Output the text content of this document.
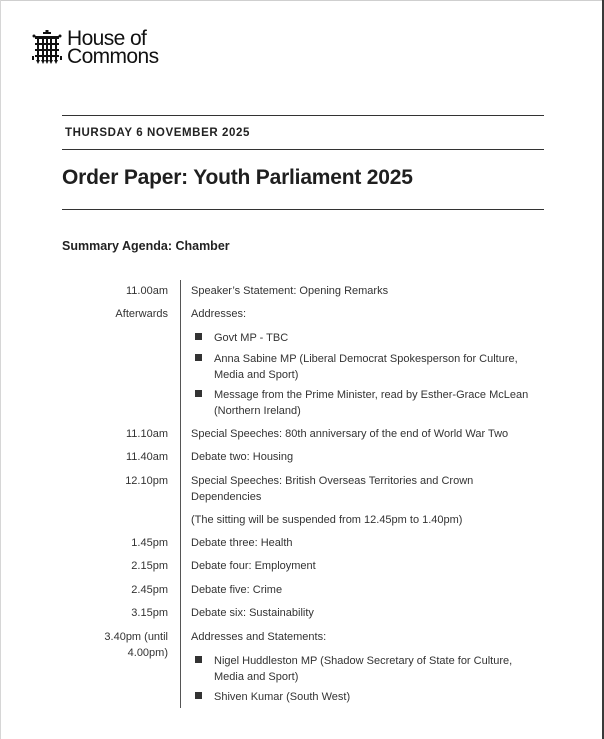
House of
Commons
THURSDAY 6 NOVEMBER 2025
Order Paper: Youth Parliament 2025
Summary Agenda: Chamber
11.00am Speaker’s Statement: Opening Remarks
Afterwards Addresses:
Govt MP - TBC
Anna Sabine MP (Liberal Democrat Spokesperson for Culture, Media and Sport)
Message from the Prime Minister, read by Esther-Grace McLean (Northern Ireland)
11.10am Special Speeches: 80th anniversary of the end of World War Two
11.40am Debate two: Housing
12.10pm Special Speeches: British Overseas Territories and Crown Dependencies
(The sitting will be suspended from 12.45pm to 1.40pm)
1.45pm Debate three: Health
2.15pm Debate four: Employment
2.45pm Debate five: Crime
3.15pm Debate six: Sustainability
3.40pm (until 4.00pm)
Addresses and Statements:
Nigel Huddleston MP (Shadow Secretary of State for Culture, Media and Sport)
Shiven Kumar (South West)
